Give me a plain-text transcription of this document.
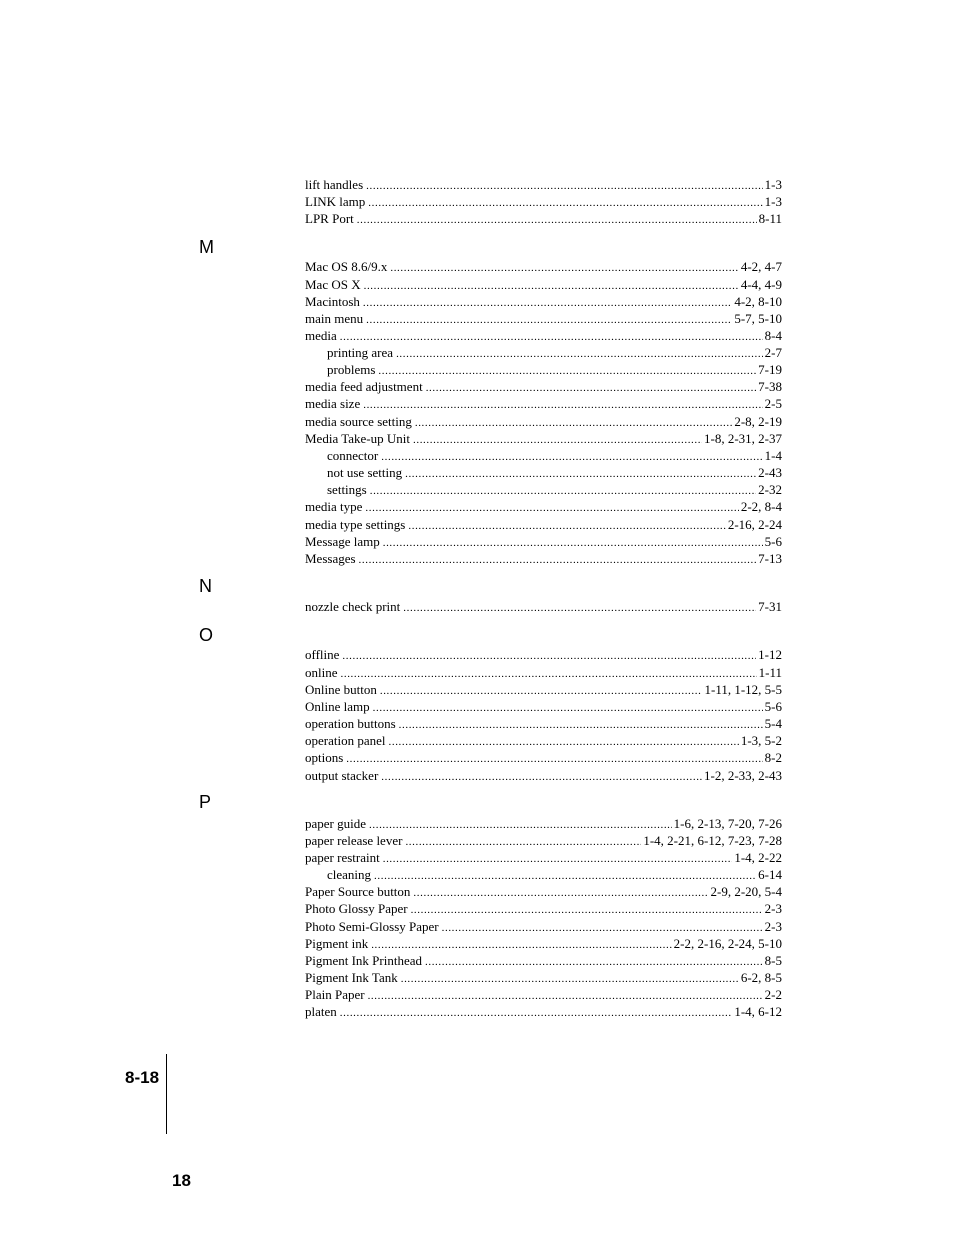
M
N
O
P
lift handles .....	1-3
LINK lamp .....	1-3
LPR Port .....	8-11
Mac OS 8.6/9.x .....	4-2, 4-7
Mac OS X .....	4-4, 4-9
Macintosh .....	4-2, 8-10
main menu .....	5-7, 5-10
media .....	8-4
printing area .....	2-7
problems .....	7-19
media feed adjustment .....	7-38
media size .....	2-5
media source setting .....	2-8, 2-19
Media Take-up Unit .....	1-8, 2-31, 2-37
connector .....	1-4
not use setting .....	2-43
settings .....	2-32
media type .....	2-2, 8-4
media type settings .....	2-16, 2-24
Message lamp .....	5-6
Messages .....	7-13
nozzle check print .....	7-31
offline .....	1-12
online .....	1-11
Online button .....	1-11, 1-12, 5-5
Online lamp .....	5-6
operation buttons .....	5-4
operation panel .....	1-3, 5-2
options .....	8-2
output stacker .....	1-2, 2-33, 2-43
paper guide .....	1-6, 2-13, 7-20, 7-26
paper release lever .....	1-4, 2-21, 6-12, 7-23, 7-28
paper restraint .....	1-4, 2-22
cleaning .....	6-14
Paper Source button .....	2-9, 2-20, 5-4
Photo Glossy Paper .....	2-3
Photo Semi-Glossy Paper .....	2-3
Pigment ink .....	2-2, 2-16, 2-24, 5-10
Pigment Ink Printhead .....	8-5
Pigment Ink Tank .....	6-2, 8-5
Plain Paper .....	2-2
platen .....	1-4, 6-12
8-18
18
